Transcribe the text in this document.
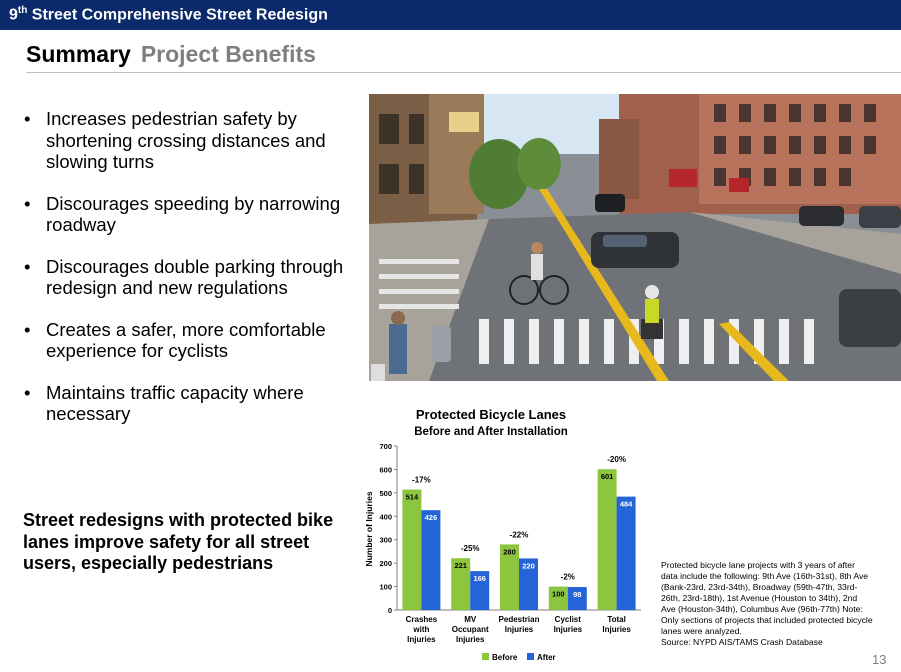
9th Street Comprehensive Street Redesign
Summary Project Benefits
• Increases pedestrian safety by shortening crossing distances and slowing turns
• Discourages speeding by narrowing roadway
• Discourages double parking through redesign and new regulations
• Creates a safer, more comfortable experience for cyclists
• Maintains traffic capacity where necessary
Street redesigns with protected bike lanes improve safety for all street users, especially pedestrians
Protected Bicycle Lanes
Before and After Installation
Number of Injuries
0
100
200
300
400
500
600
700
514
426
-17%
Crashes
with
Injuries
221
166
-25%
MV
Occupant
Injuries
280
220
-22%
Pedestrian
Injuries
100 98
-2%
Cyclist
Injuries
601
484
-20%
Total
Injuries
Before After
Protected bicycle lane projects with 3 years of after data include the following: 9th Ave (16th-31st), 8th Ave (Bank-23rd, 23rd-34th), Broadway (59th-47th, 33rd-26th, 23rd-18th), 1st Avenue (Houston to 34th), 2nd Ave (Houston-34th), Columbus Ave (96th-77th) Note: Only sections of projects that included protected bicycle lanes were analyzed.
Source: NYPD AIS/TAMS Crash Database
13
